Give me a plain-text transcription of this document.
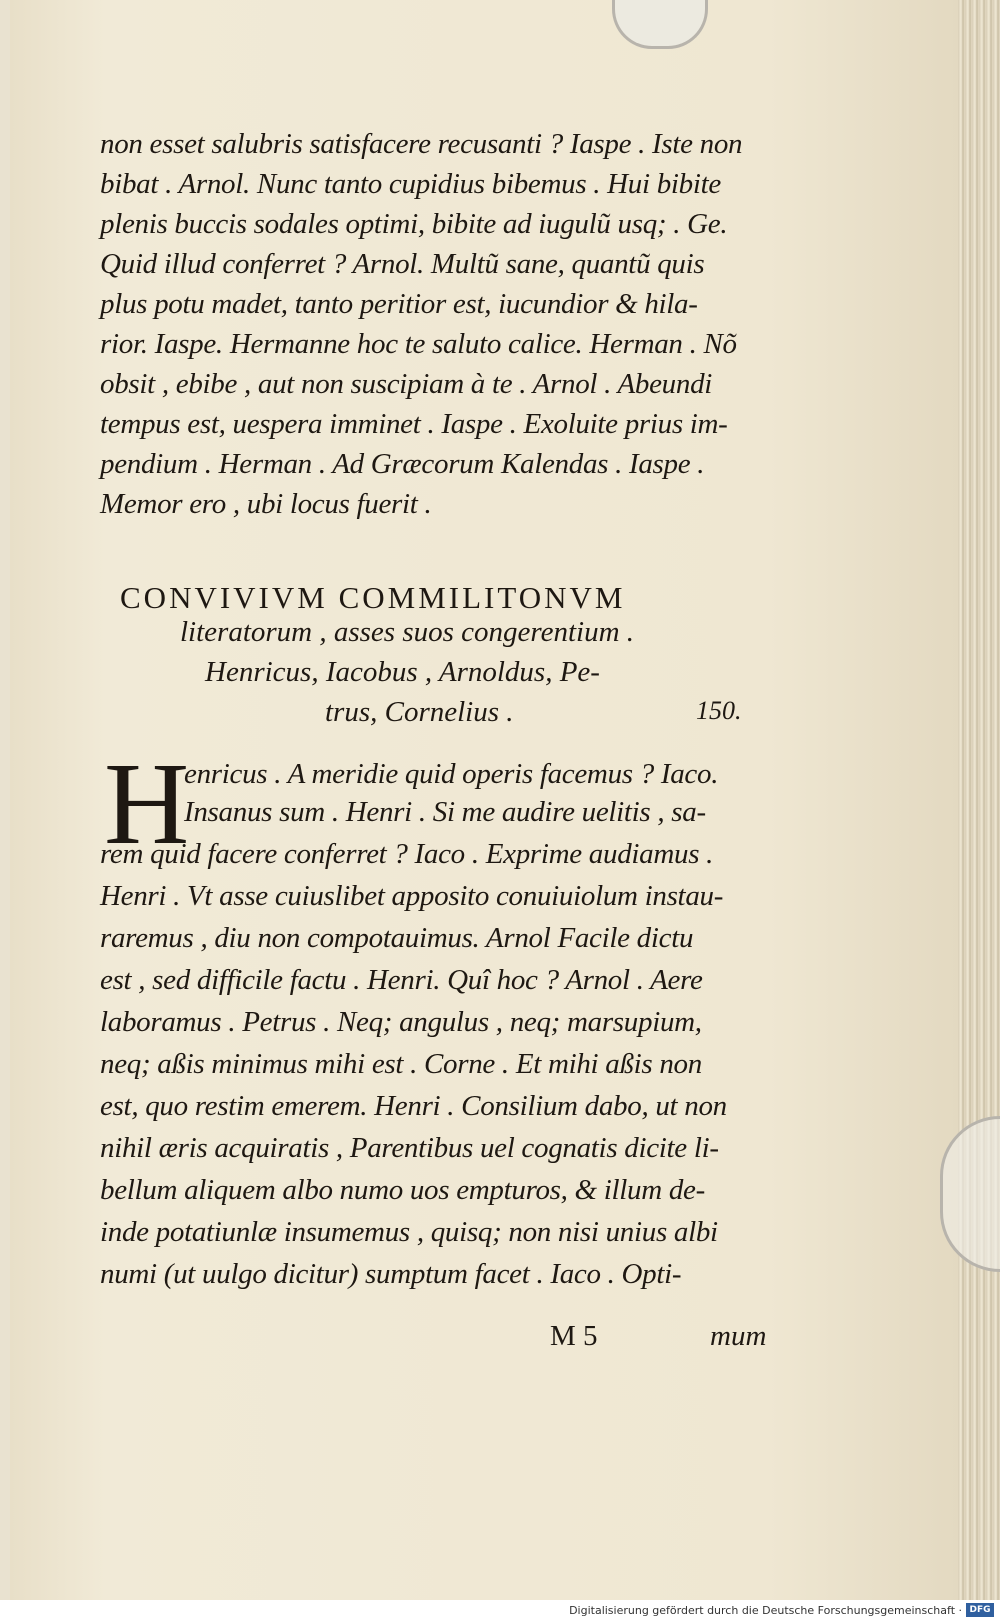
non esset salubris satisfacere recusanti ? Iaspe . Iste non
bibat . Arnol. Nunc tanto cupidius bibemus . Hui bibite
plenis buccis sodales optimi, bibite ad iugulũ usq; . Ge.
Quid illud conferret ? Arnol. Multũ sane, quantũ quis
plus potu madet, tanto peritior est, iucundior & hila-
rior. Iaspe. Hermanne hoc te saluto calice. Herman . Nõ
obsit , ebibe , aut non suscipiam à te . Arnol . Abeundi
tempus est, uespera imminet . Iaspe . Exoluite prius im-
pendium . Herman . Ad Græcorum Kalendas . Iaspe .
Memor ero , ubi locus fuerit .
CONVIVIVM COMMILITONVM
literatorum , asses suos congerentium .
Henricus, Iacobus , Arnoldus, Pe-
trus, Cornelius .	150.
H
enricus . A meridie quid operis facemus ? Iaco.
Insanus sum . Henri . Si me audire uelitis , sa-
rem quid facere conferret ? Iaco . Exprime audiamus .
Henri . Vt asse cuiuslibet apposito conuiuiolum instau-
raremus , diu non compotauimus. Arnol Facile dictu
est , sed difficile factu . Henri. Quî hoc ? Arnol . Aere
laboramus . Petrus . Neq; angulus , neq; marsupium,
neq; aßis minimus mihi est . Corne . Et mihi aßis non
est, quo restim emerem. Henri . Consilium dabo, ut non
nihil æris acquiratis , Parentibus uel cognatis dicite li-
bellum aliquem albo numo uos empturos, & illum de-
inde potatiunlæ insumemus , quisq; non nisi unius albi
numi (ut uulgo dicitur) sumptum facet . Iaco . Opti-
M 5	mum
Digitalisierung gefördert durch die Deutsche Forschungsgemeinschaft · DFG
